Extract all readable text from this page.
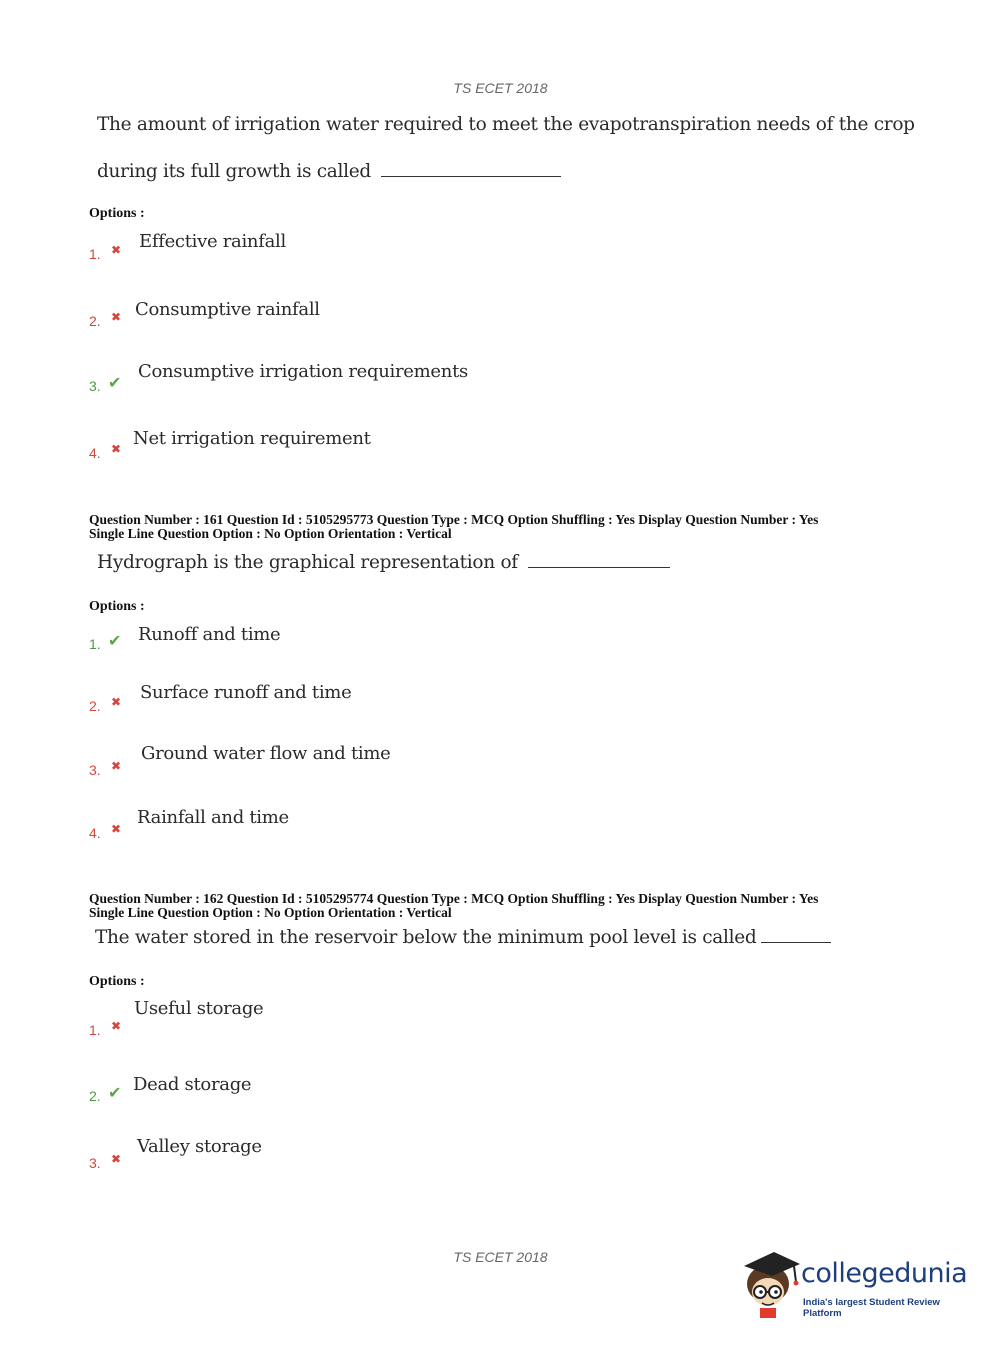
TS ECET 2018
The amount of irrigation water required to meet the evapotranspiration needs of the crop
during its full growth is called
Options :
1. ✖ Effective rainfall
2. ✖ Consumptive rainfall
3. ✔
Consumptive irrigation requirements
4. ✖ Net irrigation requirement
Question Number : 161 Question Id : 5105295773 Question Type : MCQ Option Shuffling : Yes Display Question Number : Yes
Single Line Question Option : No Option Orientation : Vertical
Hydrograph is the graphical representation of
Options :
1. ✔ Runoff and time
2. ✖ Surface runoff and time
3. ✖
Ground water flow and time
4. ✖
Rainfall and time
Question Number : 162 Question Id : 5105295774 Question Type : MCQ Option Shuffling : Yes Display Question Number : Yes
Single Line Question Option : No Option Orientation : Vertical
The water stored in the reservoir below the minimum pool level is called
Options :
1. ✖
Useful storage
2. ✔ Dead storage
3. ✖
Valley storage
TS ECET 2018
collegedunia
India's largest Student Review Platform
